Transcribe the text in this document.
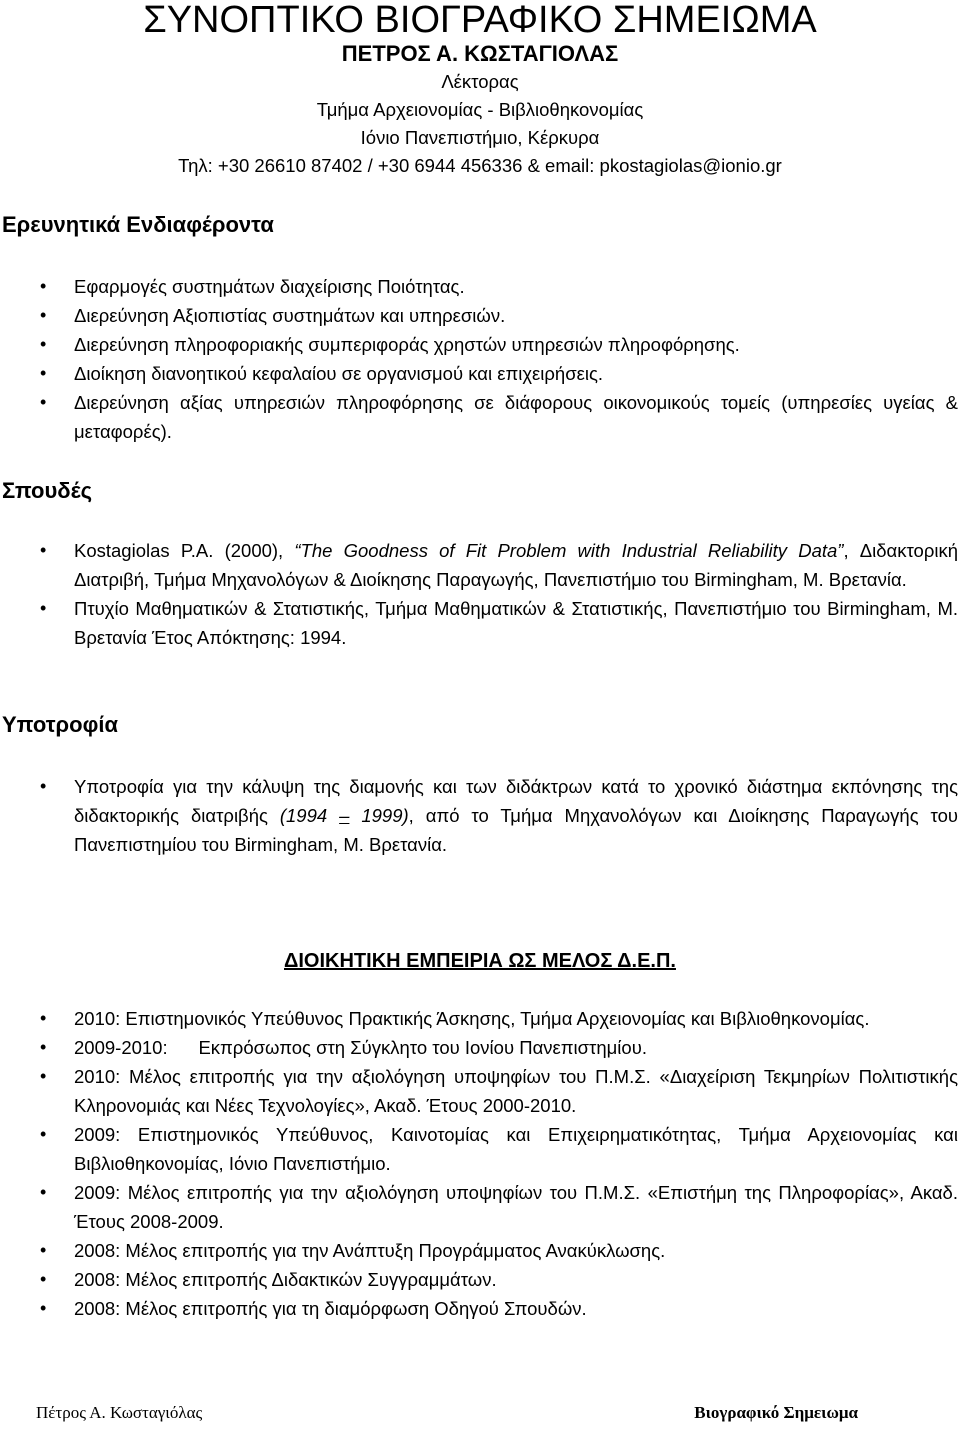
ΣΥΝΟΠΤΙΚΟ ΒΙΟΓΡΑΦΙΚΟ ΣΗΜΕΙΩΜΑ

ΠΕΤΡΟΣ Α. ΚΩΣΤΑΓΙΟΛΑΣ

Λέκτορας

Τμήμα Αρχειονομίας - Βιβλιοθηκονομίας

Ιόνιο Πανεπιστήμιο, Κέρκυρα

Τηλ: +30 26610 87402 / +30 6944 456336 & email: pkostagiolas@ionio.gr

Ερευνητικά Ενδιαφέροντα
• Εφαρμογές συστημάτων διαχείρισης Ποιότητας.
• Διερεύνηση Αξιοπιστίας συστημάτων και υπηρεσιών.
• Διερεύνηση πληροφοριακής συμπεριφοράς χρηστών υπηρεσιών πληροφόρησης.
• Διοίκηση διανοητικού κεφαλαίου σε οργανισμού και επιχειρήσεις.
• Διερεύνηση αξίας υπηρεσιών πληροφόρησης σε διάφορους οικονομικούς τομείς (υπηρεσίες υγείας & μεταφορές).
Σπουδές
• Kostagiolas P.A. (2000), “The Goodness of Fit Problem with Industrial Reliability Data”, Διδακτορική Διατριβή, Τμήμα Μηχανολόγων & Διοίκησης Παραγωγής, Πανεπιστήμιο του Birmingham, Μ. Βρετανία.
• Πτυχίο Μαθηματικών & Στατιστικής, Τμήμα Μαθηματικών & Στατιστικής, Πανεπιστήμιο του Birmingham, Μ. Βρετανία Έτος Απόκτησης: 1994.
Υποτροφία
• Υποτροφία για την κάλυψη της διαμονής και των διδάκτρων κατά το χρονικό διάστημα εκπόνησης της διδακτορικής διατριβής (1994 – 1999), από το Τμήμα Μηχανολόγων και Διοίκησης Παραγωγής του Πανεπιστημίου του Birmingham, Μ. Βρετανία.
ΔΙΟΙΚΗΤΙΚΗ ΕΜΠΕΙΡΙΑ ΩΣ ΜΕΛΟΣ Δ.Ε.Π.
• 2010: Επιστημονικός Υπεύθυνος Πρακτικής Άσκησης, Τμήμα Αρχειονομίας και Βιβλιοθηκονομίας.
• 2009-2010:      Εκπρόσωπος στη Σύγκλητο του Ιονίου Πανεπιστημίου.
• 2010: Μέλος επιτροπής για την αξιολόγηση υποψηφίων του Π.Μ.Σ. «Διαχείριση Τεκμηρίων Πολιτιστικής Κληρονομιάς και Νέες Τεχνολογίες», Ακαδ. Έτους 2000-2010.
• 2009: Επιστημονικός Υπεύθυνος, Καινοτομίας και Επιχειρηματικότητας, Τμήμα Αρχειονομίας και Βιβλιοθηκονομίας, Ιόνιο Πανεπιστήμιο.
• 2009: Μέλος επιτροπής για την αξιολόγηση υποψηφίων του Π.Μ.Σ. «Επιστήμη της Πληροφορίας», Ακαδ. Έτους 2008-2009.
• 2008: Μέλος επιτροπής για την Ανάπτυξη Προγράμματος Ανακύκλωσης.
• 2008: Μέλος επιτροπής Διδακτικών Συγγραμμάτων.
• 2008: Μέλος επιτροπής για τη διαμόρφωση Οδηγού Σπουδών.
Πέτρος Α. Κωσταγιόλας	Βιογραφικό Σημειωμα
